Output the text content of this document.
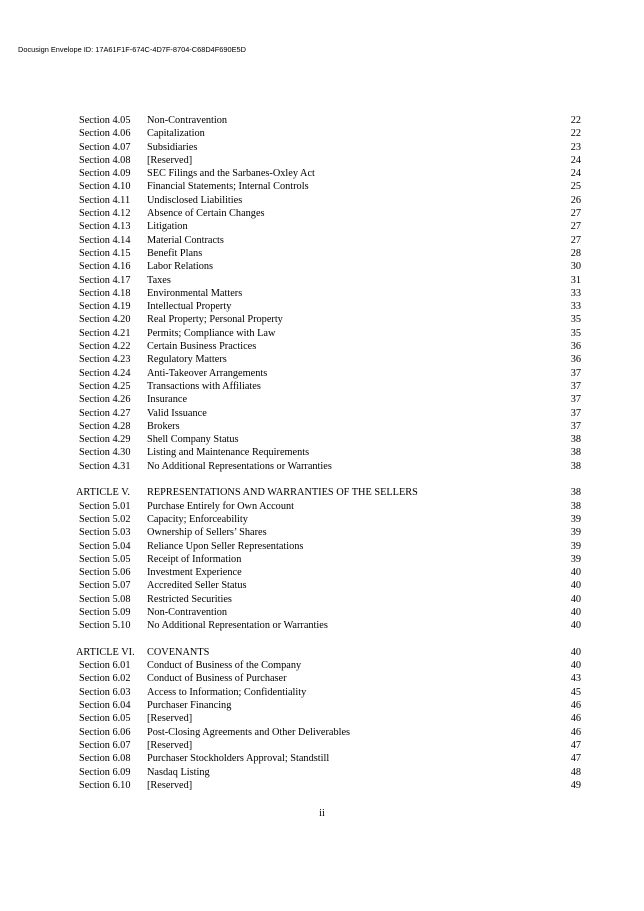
Docusign Envelope ID: 17A61F1F-674C-4D7F-8704-C68D4F690E5D
Section 4.05 Non-Contravention	22
Section 4.06 Capitalization	22
Section 4.07 Subsidiaries	23
Section 4.08 [Reserved]	24
Section 4.09 SEC Filings and the Sarbanes-Oxley Act	24
Section 4.10 Financial Statements; Internal Controls	25
Section 4.11 Undisclosed Liabilities	26
Section 4.12 Absence of Certain Changes	27
Section 4.13 Litigation	27
Section 4.14 Material Contracts	27
Section 4.15 Benefit Plans	28
Section 4.16 Labor Relations	30
Section 4.17 Taxes	31
Section 4.18 Environmental Matters	33
Section 4.19 Intellectual Property	33
Section 4.20 Real Property; Personal Property	35
Section 4.21 Permits; Compliance with Law	35
Section 4.22 Certain Business Practices	36
Section 4.23 Regulatory Matters	36
Section 4.24 Anti-Takeover Arrangements	37
Section 4.25 Transactions with Affiliates	37
Section 4.26 Insurance	37
Section 4.27 Valid Issuance	37
Section 4.28 Brokers	37
Section 4.29 Shell Company Status	38
Section 4.30 Listing and Maintenance Requirements	38
Section 4.31 No Additional Representations or Warranties	38
ARTICLE V. REPRESENTATIONS AND WARRANTIES OF THE SELLERS	38
Section 5.01 Purchase Entirely for Own Account	38
Section 5.02 Capacity; Enforceability	39
Section 5.03 Ownership of Sellers’ Shares	39
Section 5.04 Reliance Upon Seller Representations	39
Section 5.05 Receipt of Information	39
Section 5.06 Investment Experience	40
Section 5.07 Accredited Seller Status	40
Section 5.08 Restricted Securities	40
Section 5.09 Non-Contravention	40
Section 5.10 No Additional Representation or Warranties	40
ARTICLE VI. COVENANTS	40
Section 6.01 Conduct of Business of the Company	40
Section 6.02 Conduct of Business of Purchaser	43
Section 6.03 Access to Information; Confidentiality	45
Section 6.04 Purchaser Financing	46
Section 6.05 [Reserved]	46
Section 6.06 Post-Closing Agreements and Other Deliverables	46
Section 6.07 [Reserved]	47
Section 6.08 Purchaser Stockholders Approval; Standstill	47
Section 6.09 Nasdaq Listing	48
Section 6.10 [Reserved]	49
ii
